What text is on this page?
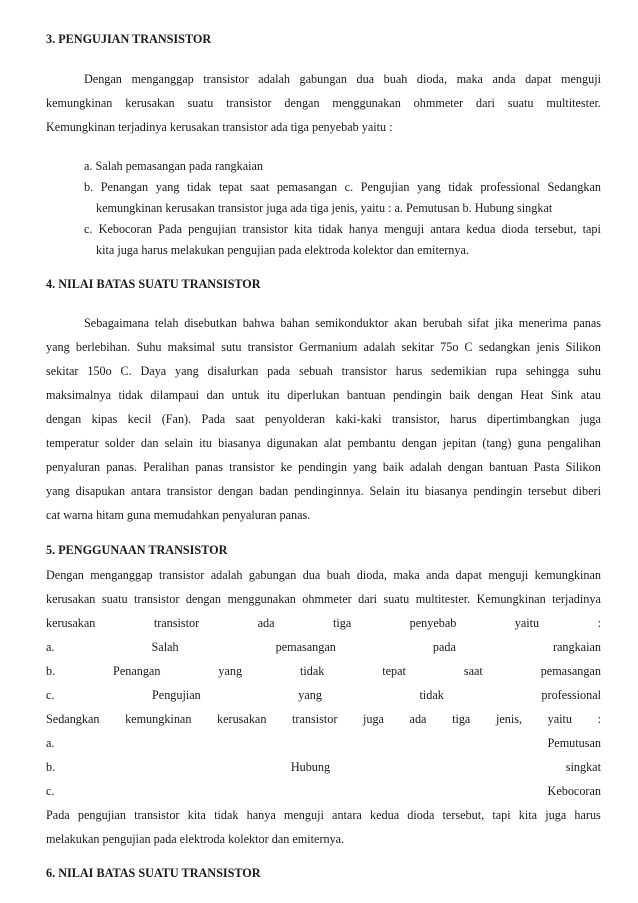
3. PENGUJIAN TRANSISTOR
Dengan menganggap transistor adalah gabungan dua buah dioda, maka anda dapat menguji
kemungkinan kerusakan suatu transistor dengan menggunakan ohmmeter dari suatu multitester.
Kemungkinan terjadinya kerusakan transistor ada tiga penyebab yaitu :
a. Salah pemasangan pada rangkaian
b. Penangan yang tidak tepat saat pemasangan c. Pengujian yang tidak professional Sedangkan
kemungkinan kerusakan transistor juga ada tiga jenis, yaitu : a. Pemutusan b. Hubung singkat
c. Kebocoran Pada pengujian transistor kita tidak hanya menguji antara kedua dioda tersebut, tapi
kita juga harus melakukan pengujian pada elektroda kolektor dan emiternya.
4. NILAI BATAS SUATU TRANSISTOR
Sebagaimana telah disebutkan bahwa bahan semikonduktor akan berubah sifat jika menerima panas
yang berlebihan. Suhu maksimal sutu transistor Germanium adalah sekitar 75o C sedangkan jenis Silikon
sekitar 150o C. Daya yang disalurkan pada sebuah transistor harus sedemikian rupa sehingga suhu
maksimalnya tidak dilampaui dan untuk itu diperlukan bantuan pendingin baik dengan Heat Sink atau
dengan kipas kecil (Fan). Pada saat penyolderan kaki-kaki transistor, harus dipertimbangkan juga
temperatur solder dan selain itu biasanya digunakan alat pembantu dengan jepitan (tang) guna pengalihan
penyaluran panas. Peralihan panas transistor ke pendingin yang baik adalah dengan bantuan Pasta Silikon
yang disapukan antara transistor dengan badan pendinginnya. Selain itu biasanya pendingin tersebut diberi
cat warna hitam guna memudahkan penyaluran panas.
5. PENGGUNAAN TRANSISTOR
Dengan menganggap transistor adalah gabungan dua buah dioda, maka anda dapat menguji kemungkinan
kerusakan suatu transistor dengan menggunakan ohmmeter dari suatu multitester. Kemungkinan terjadinya
kerusakan	transistor	ada	tiga	penyebab	yaitu	:
a.	Salah	pemasangan	pada	rangkaian
b.	Penangan	yang	tidak	tepat	saat	pemasangan
c.	Pengujian	yang	tidak	professional
Sedangkan kemungkinan kerusakan transistor juga ada tiga jenis, yaitu :
a.	Pemutusan
b.	Hubung	singkat
c.	Kebocoran
Pada pengujian transistor kita tidak hanya menguji antara kedua dioda tersebut, tapi kita juga harus
melakukan pengujian pada elektroda kolektor dan emiternya.
6. NILAI BATAS SUATU TRANSISTOR
